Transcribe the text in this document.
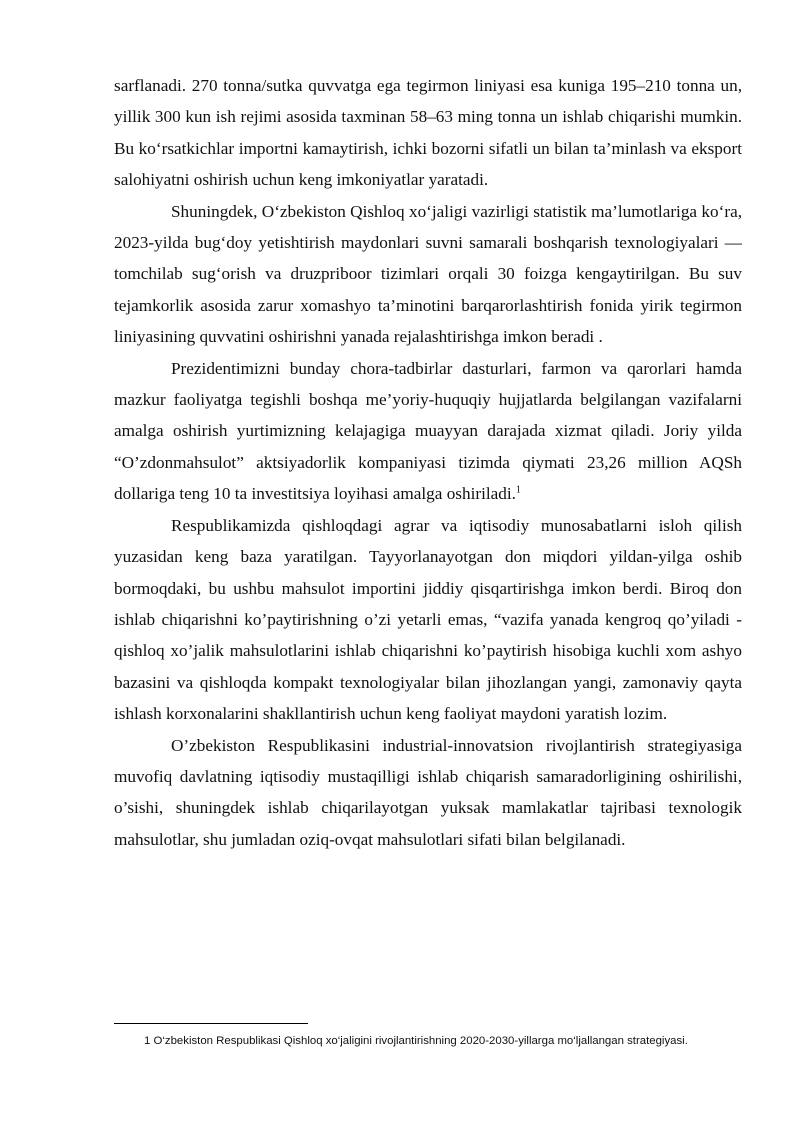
sarflanadi. 270 tonna/sutka quvvatga ega tegirmon liniyasi esa kuniga 195–210 tonna un, yillik 300 kun ish rejimi asosida taxminan 58–63 ming tonna un ishlab chiqarishi mumkin. Bu ko‘rsatkichlar importni kamaytirish, ichki bozorni sifatli un bilan ta’minlash va eksport salohiyatni oshirish uchun keng imkoniyatlar yaratadi.

Shuningdek, O‘zbekiston Qishloq xo‘jaligi vazirligi statistik ma’lumotlariga ko‘ra, 2023-yilda bug‘doy yetishtirish maydonlari suvni samarali boshqarish texnologiyalari — tomchilab sug‘orish va druzpriboor tizimlari orqali 30 foizga kengaytirilgan. Bu suv tejamkorlik asosida zarur xomashyo ta’minotini barqarorlashtirish fonida yirik tegirmon liniyasining quvvatini oshirishni yanada rejalashtirishga imkon beradi .

Prezidentimizni bunday chora-tadbirlar dasturlari, farmon va qarorlari hamda mazkur faoliyatga tegishli boshqa me’yoriy-huquqiy hujjatlarda belgilangan vazifalarni amalga oshirish yurtimizning kelajagiga muayyan darajada xizmat qiladi. Joriy yilda “O’zdonmahsulot” aktsiyadorlik kompaniyasi tizimda qiymati 23,26 million AQSh dollariga teng 10 ta investitsiya loyihasi amalga oshiriladi.$^1$

Respublikamizda qishloqdagi agrar va iqtisodiy munosabatlarni isloh qilish yuzasidan keng baza yaratilgan. Tayyorlanayotgan don miqdori yildan-yilga oshib bormoqdaki, bu ushbu mahsulot importini jiddiy qisqartirishga imkon berdi. Biroq don ishlab chiqarishni ko’paytirishning o’zi yetarli emas, “vazifa yanada kengroq qo’yiladi - qishloq xo’jalik mahsulotlarini ishlab chiqarishni ko’paytirish hisobiga kuchli xom ashyo bazasini va qishloqda kompakt texnologiyalar bilan jihozlangan yangi, zamonaviy qayta ishlash korxonalarini shakllantirish uchun keng faoliyat maydoni yaratish lozim.

O’zbekiston Respublikasini industrial-innovatsion rivojlantirish strategiyasiga muvofiq davlatning iqtisodiy mustaqilligi ishlab chiqarish samaradorligining oshirilishi, o’sishi, shuningdek ishlab chiqarilayotgan yuksak mamlakatlar tajribasi texnologik mahsulotlar, shu jumladan oziq-ovqat mahsulotlari sifati bilan belgilanadi.

1 O‘zbekiston Respublikasi Qishloq xo‘jaligini rivojlantirishning 2020-2030-yillarga mo‘ljallangan strategiyasi.
